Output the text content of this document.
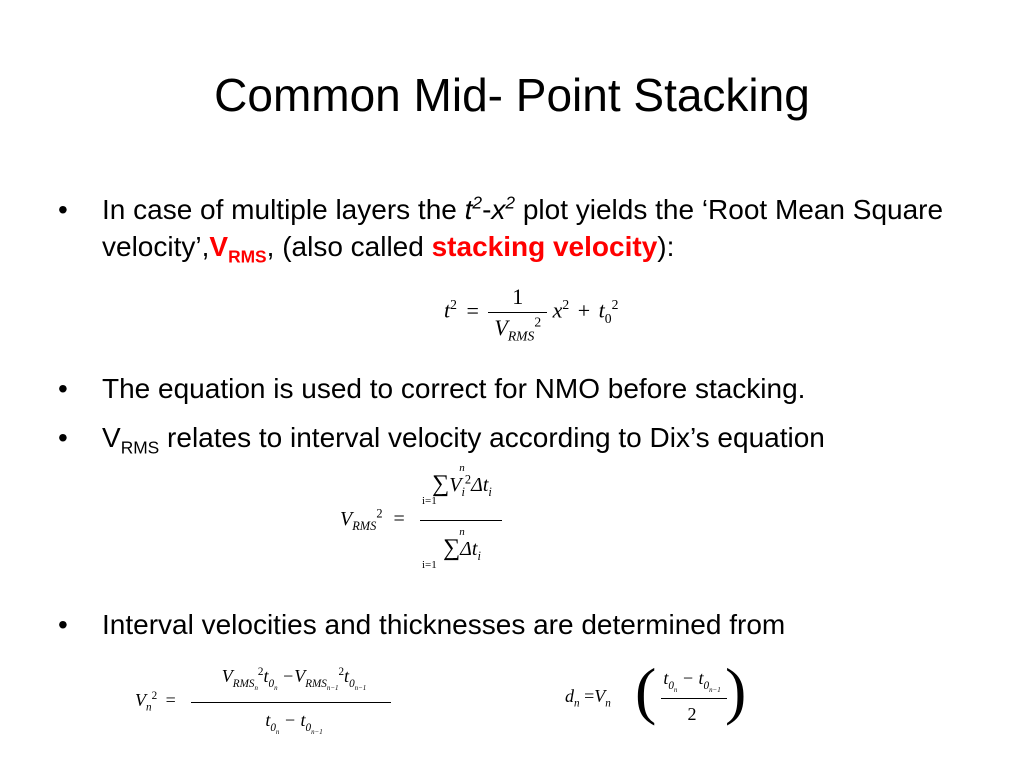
Common Mid- Point Stacking
• In case of multiple layers the $t^2-x^2$ plot yields the ‘Root Mean Square $velocity’,V_{RMS}$, (also called stacking velocity):
$t^2 = \frac{1}{V_{RMS}^2} x^2 + t_0^2$
• The equation is used to correct for NMO before stacking.
• $V_{RMS}$ relates to interval velocity according to Dix’s equation
$V_{RMS}^2$ =
n
$\sum V_i^2\Delta t_i$
i=1
n
$\sum\Delta t_i$
i=1
• Interval velocities and thicknesses are determined from
$V_n^2$ =
$V_{RMS_n}^2t_{0_n} -V_{RMS_{n-1}}^2t_{0_{n-1}}$
$t_{0_n} - t_{0_{n-1}}$
$d_n =V_n$ ( $t_{0_n} - t_{0_{n-1}}$
2 )
